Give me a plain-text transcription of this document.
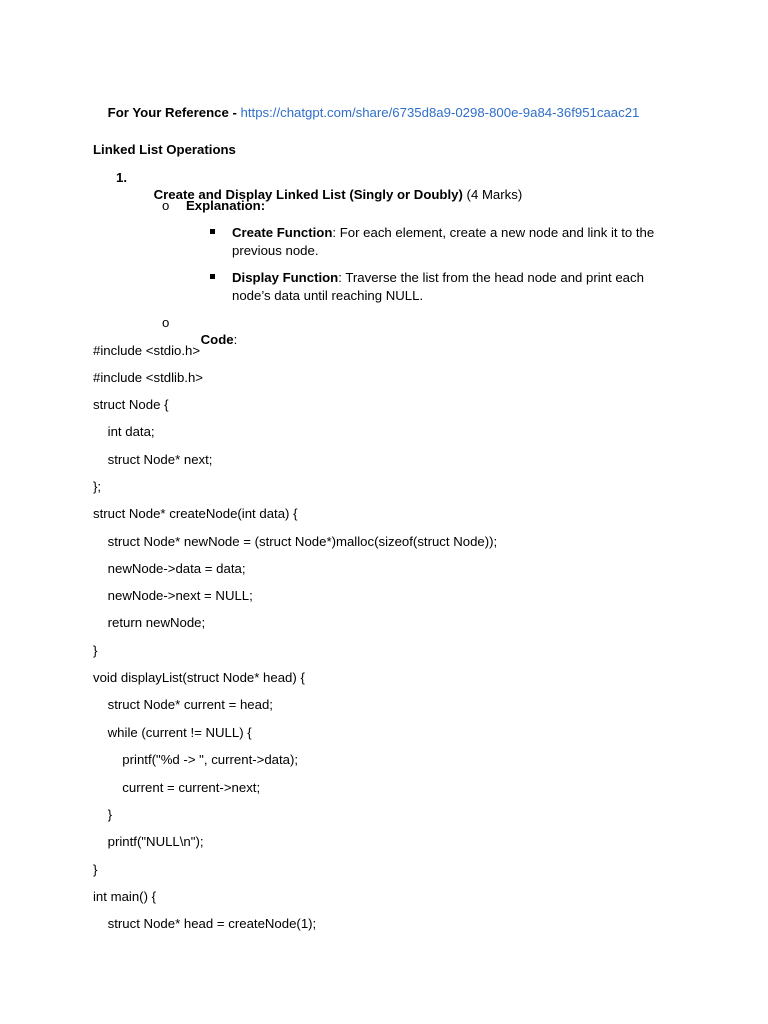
For Your Reference - https://chatgpt.com/share/6735d8a9-0298-800e-9a84-36f951caac21

Linked List Operations
1.

Create and Display Linked List (Singly or Doubly) (4 Marks)

o Explanation:
Create Function: For each element, create a new node and link it to the previous node.
Display Function: Traverse the list from the head node and print each node’s data until reaching NULL.
o

Code:

#include <stdio.h>
#include <stdlib.h>
struct Node {
int data;
struct Node* next;
};
struct Node* createNode(int data) {
struct Node* newNode = (struct Node*)malloc(sizeof(struct Node));
newNode->data = data;
newNode->next = NULL;
return newNode;
}
void displayList(struct Node* head) {
struct Node* current = head;
while (current != NULL) {
printf("%d -> ", current->data);
current = current->next;
}
printf("NULL\n");
}
int main() {
struct Node* head = createNode(1);
